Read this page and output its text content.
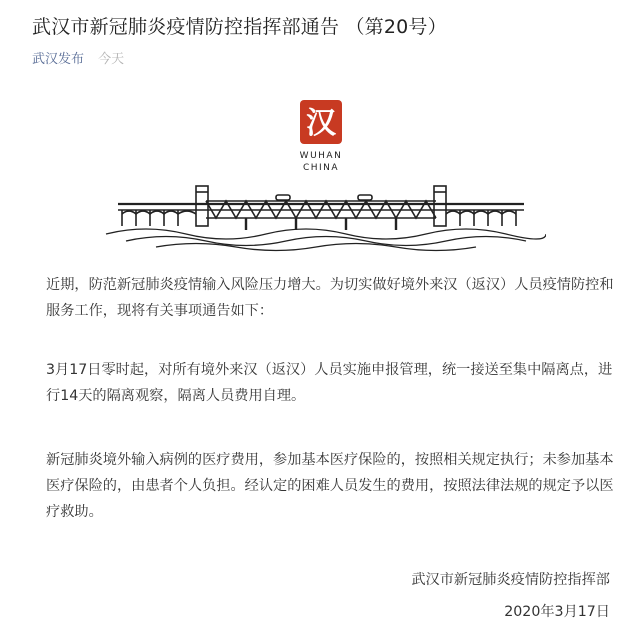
武汉市新冠肺炎疫情防控指挥部通告 （第20号）
武汉发布 今天
汉
WUHAN
CHINA

近期，防范新冠肺炎疫情输入风险压力增大。为切实做好境外来汉（返汉）人员疫情防控和服务工作，现将有关事项通告如下：

3月17日零时起，对所有境外来汉（返汉）人员实施申报管理，统一接送至集中隔离点，进行14天的隔离观察，隔离人员费用自理。

新冠肺炎境外输入病例的医疗费用，参加基本医疗保险的，按照相关规定执行；未参加基本医疗保险的，由患者个人负担。经认定的困难人员发生的费用，按照法律法规的规定予以医疗救助。

武汉市新冠肺炎疫情防控指挥部
2020年3月17日
